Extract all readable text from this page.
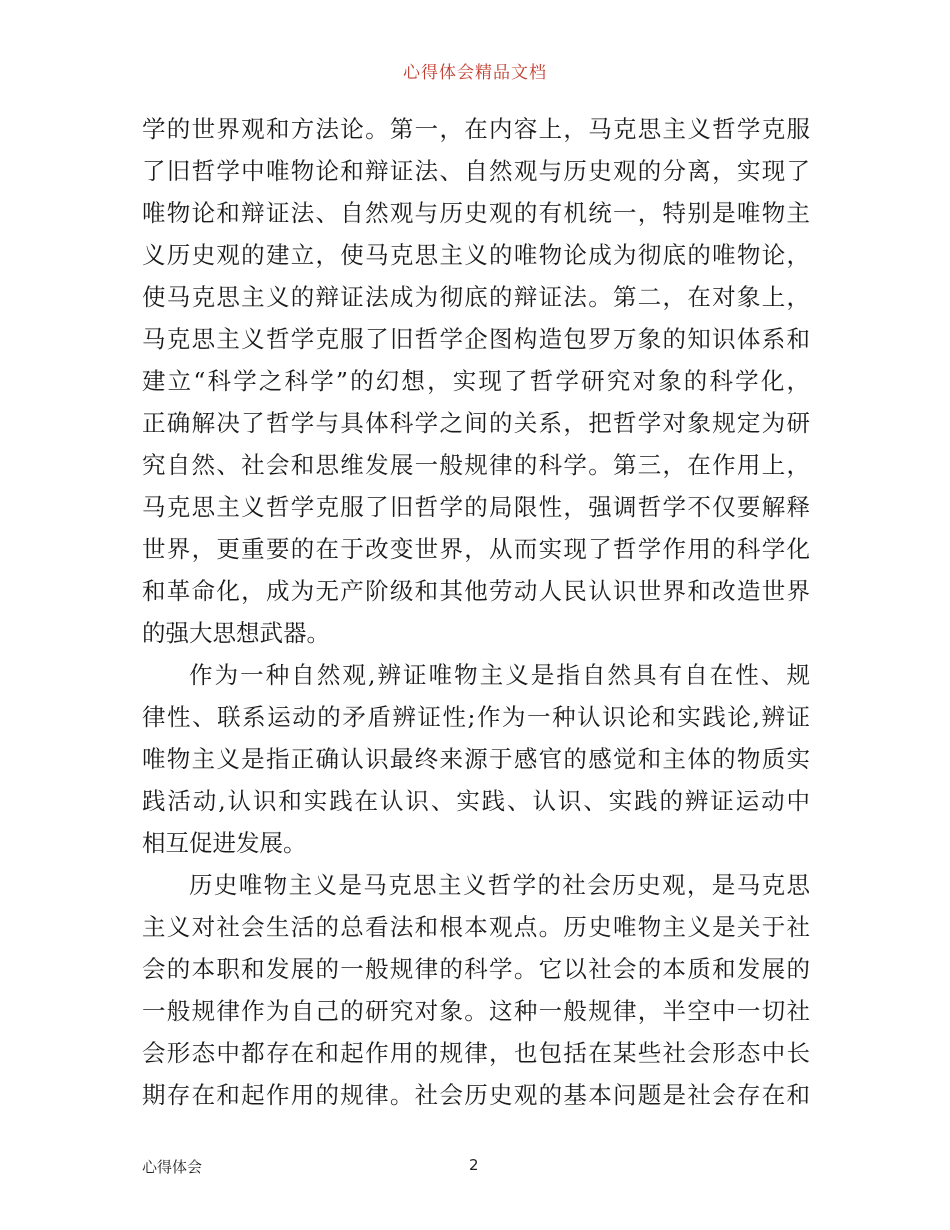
心得体会精品文档
学的世界观和方法论。第一，在内容上，马克思主义哲学克服
了旧哲学中唯物论和辩证法、自然观与历史观的分离，实现了
唯物论和辩证法、自然观与历史观的有机统一，特别是唯物主
义历史观的建立，使马克思主义的唯物论成为彻底的唯物论，
使马克思主义的辩证法成为彻底的辩证法。第二，在对象上，
马克思主义哲学克服了旧哲学企图构造包罗万象的知识体系和
建立“科学之科学”的幻想，实现了哲学研究对象的科学化，
正确解决了哲学与具体科学之间的关系，把哲学对象规定为研
究自然、社会和思维发展一般规律的科学。第三，在作用上，
马克思主义哲学克服了旧哲学的局限性，强调哲学不仅要解释
世界，更重要的在于改变世界，从而实现了哲学作用的科学化
和革命化，成为无产阶级和其他劳动人民认识世界和改造世界
的强大思想武器。
作为一种自然观,辨证唯物主义是指自然具有自在性、规
律性、联系运动的矛盾辨证性;作为一种认识论和实践论,辨证
唯物主义是指正确认识最终来源于感官的感觉和主体的物质实
践活动,认识和实践在认识、实践、认识、实践的辨证运动中
相互促进发展。
历史唯物主义是马克思主义哲学的社会历史观，是马克思
主义对社会生活的总看法和根本观点。历史唯物主义是关于社
会的本职和发展的一般规律的科学。它以社会的本质和发展的
一般规律作为自己的研究对象。这种一般规律，半空中一切社
会形态中都存在和起作用的规律，也包括在某些社会形态中长
期存在和起作用的规律。社会历史观的基本问题是社会存在和
心得体会	2
